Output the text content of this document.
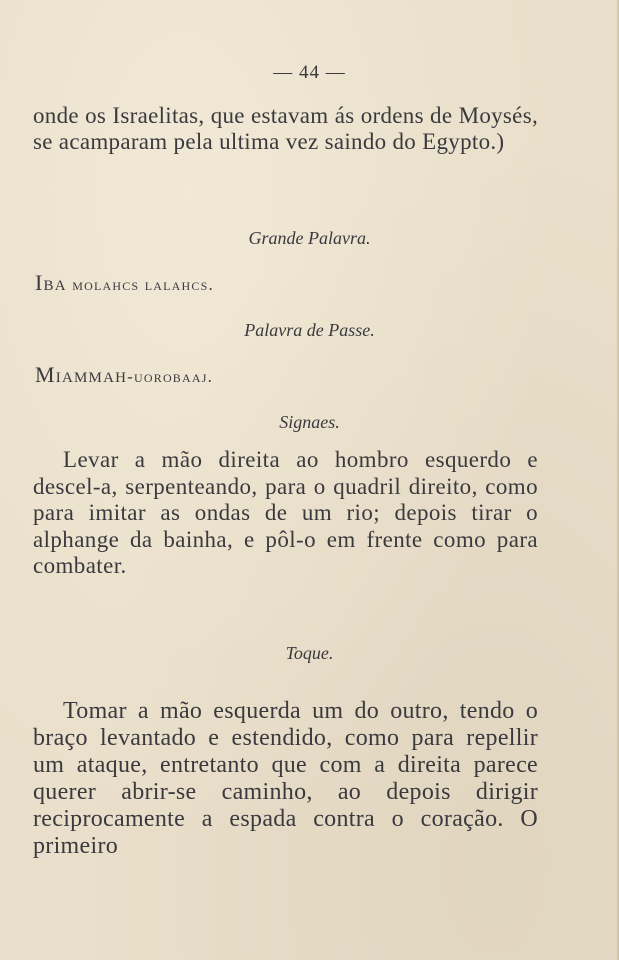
— 44 —
onde os Israelitas, que estavam ás ordens de Moysés, se acamparam pela ultima vez saindo do Egypto.)
Grande Palavra.
Iba molahcs lalahcs.
Palavra de Passe.
Miammah-uorobaaj.
Signaes.
Levar a mão direita ao hombro esquerdo e descel-a, serpenteando, para o quadril direito, como para imitar as ondas de um rio; depois tirar o alphange da bainha, e pôl-o em frente como para combater.
Toque.
Tomar a mão esquerda um do outro, tendo o braço levantado e estendido, como para repellir um ataque, entretanto que com a direita parece querer abrir-se caminho, ao depois dirigir reciprocamente a espada contra o coração. O primeiro
